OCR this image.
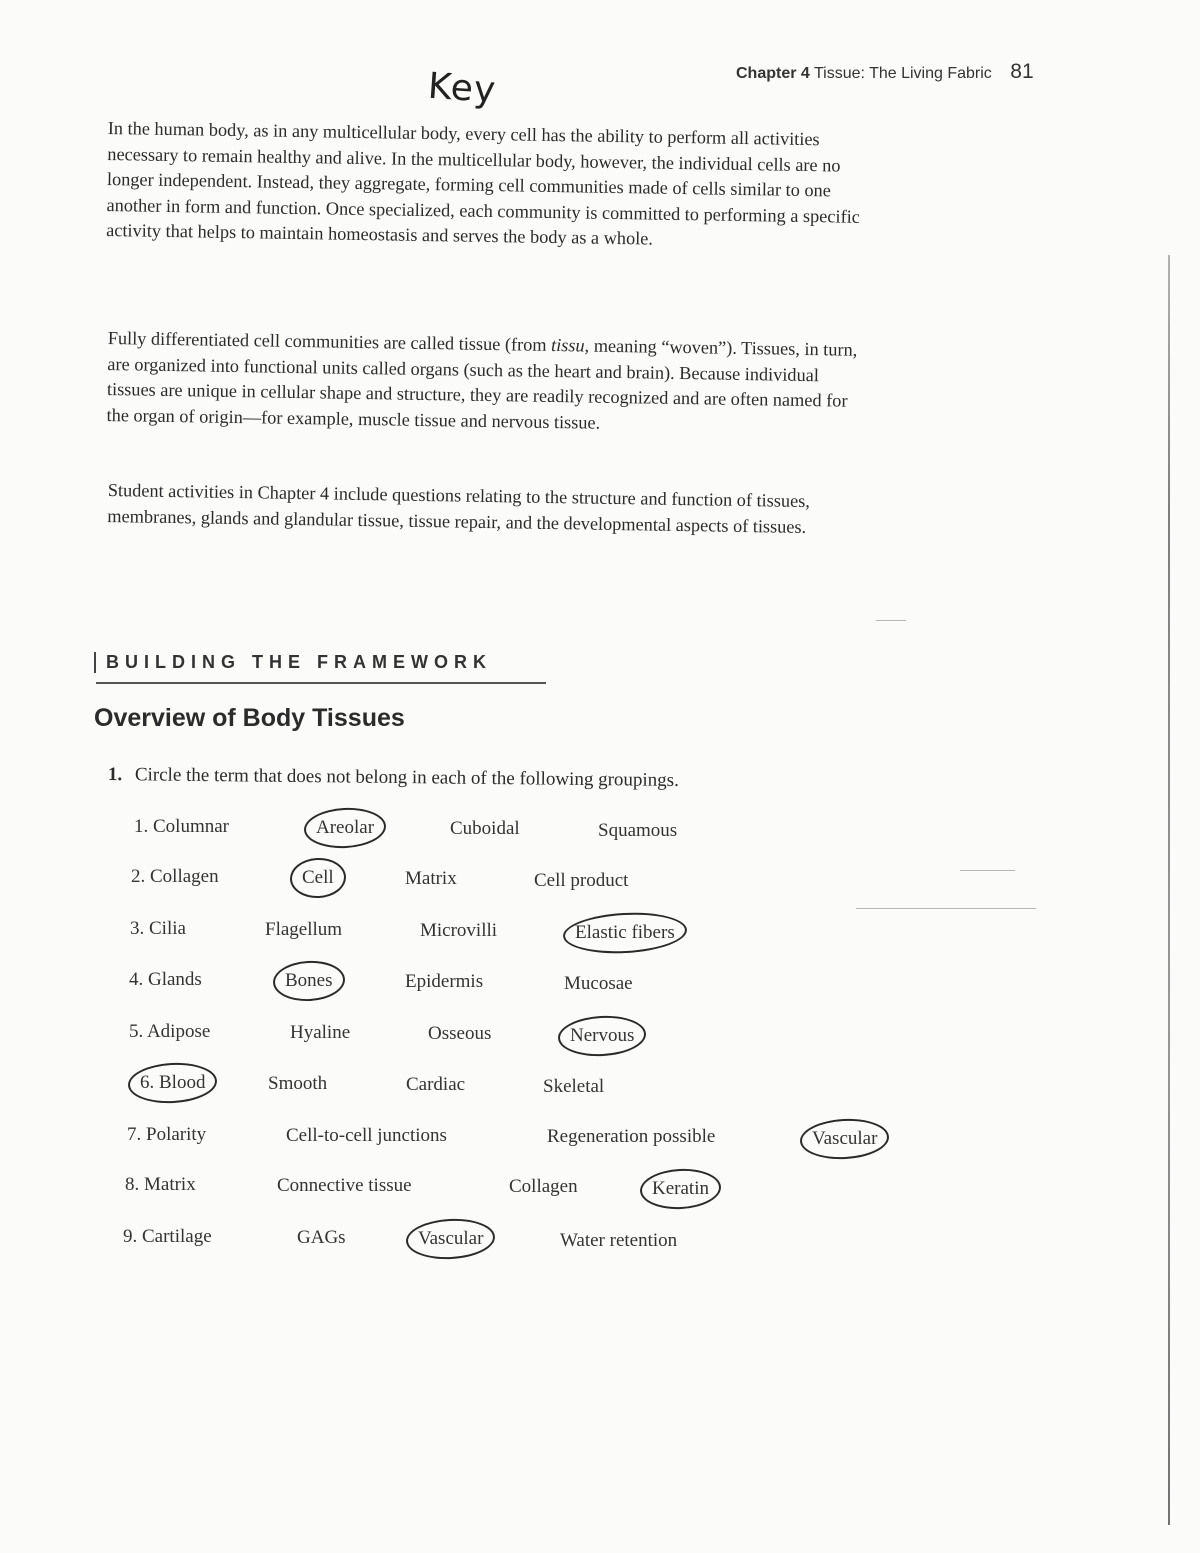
Chapter 4 Tissue: The Living Fabric 81
Key

In the human body, as in any multicellular body, every cell has the ability to perform all activities necessary to remain healthy and alive. In the multicellular body, however, the individual cells are no longer independent. Instead, they aggregate, forming cell communities made of cells similar to one another in form and function. Once specialized, each community is committed to performing a specific activity that helps to maintain homeostasis and serves the body as a whole.

Fully differentiated cell communities are called tissue (from tissu, meaning “woven”). Tissues, in turn, are organized into functional units called organs (such as the heart and brain). Because individual tissues are unique in cellular shape and structure, they are readily recognized and are often named for the organ of origin—for example, muscle tissue and nervous tissue.

Student activities in Chapter 4 include questions relating to the structure and function of tissues, membranes, glands and glandular tissue, tissue repair, and the developmental aspects of tissues.

BUILDING THE FRAMEWORK
Overview of Body Tissues
1. Circle the term that does not belong in each of the following groupings.
1. Columnar	Areolar	Cuboidal	Squamous
2. Collagen	Cell	Matrix	Cell product
3. Cilia	Flagellum	Microvilli	Elastic fibers
4. Glands	Bones	Epidermis	Mucosae
5. Adipose	Hyaline	Osseous	Nervous
6. Blood	Smooth	Cardiac	Skeletal
7. Polarity	Cell-to-cell junctions	Regeneration possible	Vascular
8. Matrix	Connective tissue	Collagen	Keratin
9. Cartilage	GAGs	Vascular	Water retention
